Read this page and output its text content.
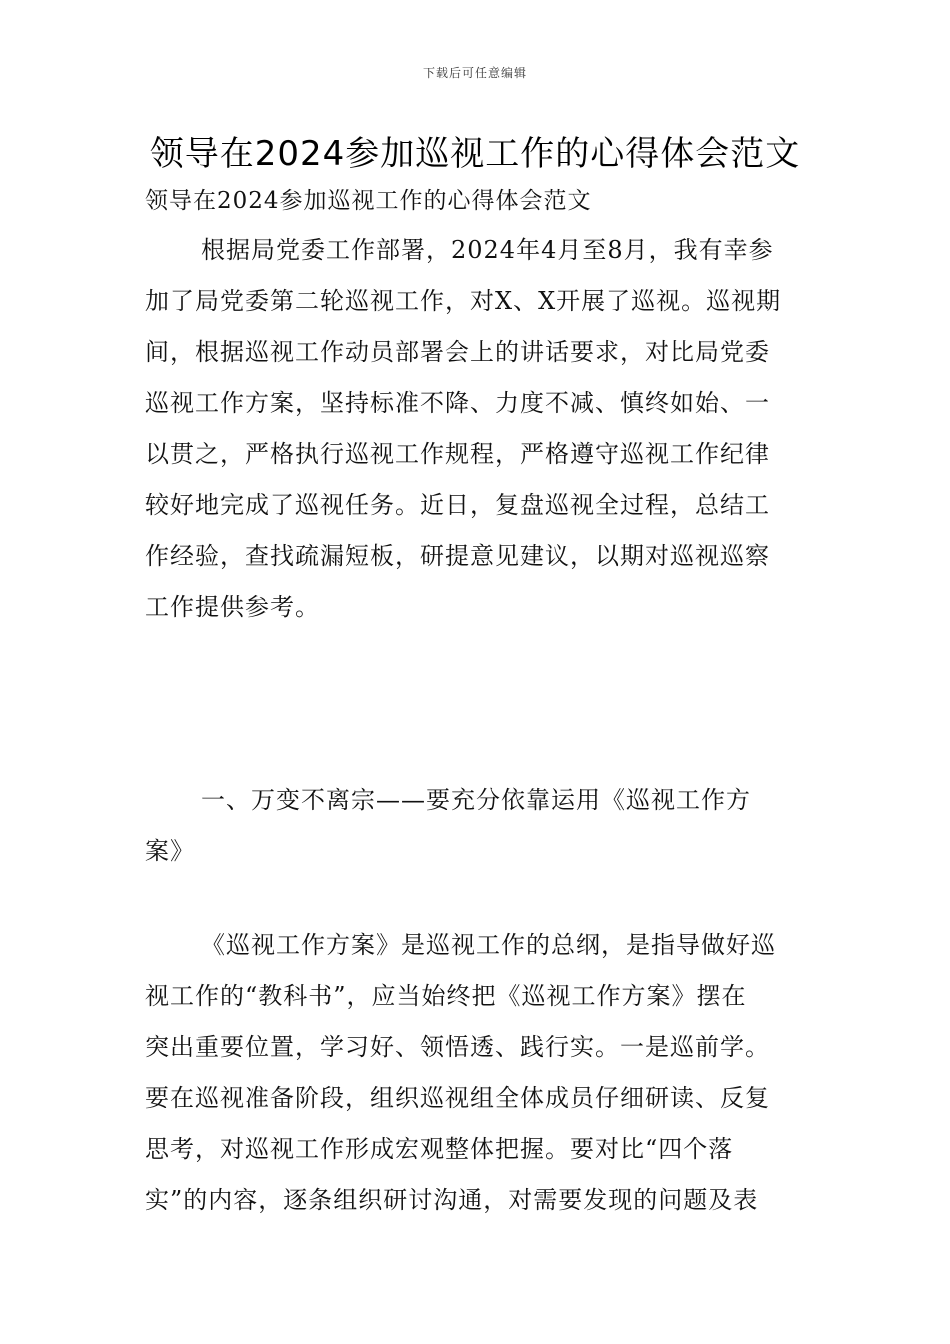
下载后可任意编辑
领导在2024参加巡视工作的心得体会范文

领导在2024参加巡视工作的心得体会范文

根据局党委工作部署，2024年4月至8月，我有幸参
加了局党委第二轮巡视工作，对X、X开展了巡视。巡视期
间，根据巡视工作动员部署会上的讲话要求，对比局党委
巡视工作方案，坚持标准不降、力度不减、慎终如始、一
以贯之，严格执行巡视工作规程，严格遵守巡视工作纪律
较好地完成了巡视任务。近日，复盘巡视全过程，总结工
作经验，查找疏漏短板，研提意见建议，以期对巡视巡察
工作提供参考。
一、万变不离宗——要充分依靠运用《巡视工作方
案》
《巡视工作方案》是巡视工作的总纲，是指导做好巡
视工作的“教科书”，应当始终把《巡视工作方案》摆在
突出重要位置，学习好、领悟透、践行实。一是巡前学。
要在巡视准备阶段，组织巡视组全体成员仔细研读、反复
思考，对巡视工作形成宏观整体把握。要对比“四个落
实”的内容，逐条组织研讨沟通，对需要发现的问题及表
